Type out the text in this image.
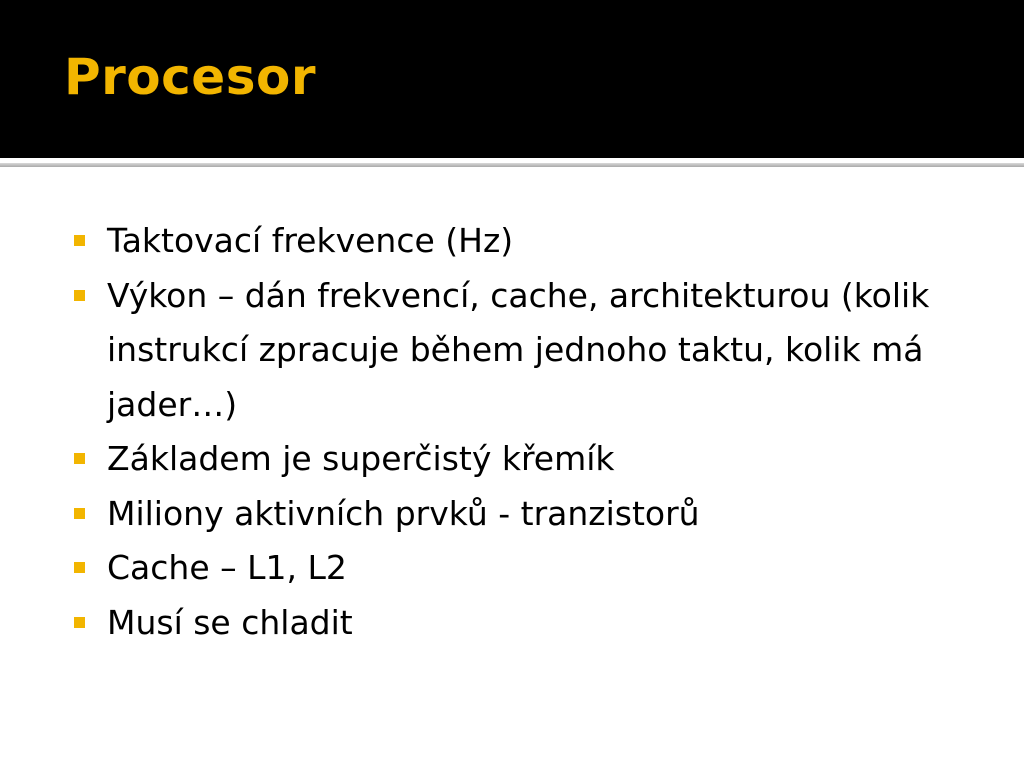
Procesor
Taktovací frekvence (Hz)
Výkon – dán frekvencí, cache, architekturou (kolik instrukcí zpracuje během jednoho taktu, kolik má jader…)
Základem je superčistý křemík
Miliony aktivních prvků - tranzistorů
Cache – L1, L2
Musí se chladit
